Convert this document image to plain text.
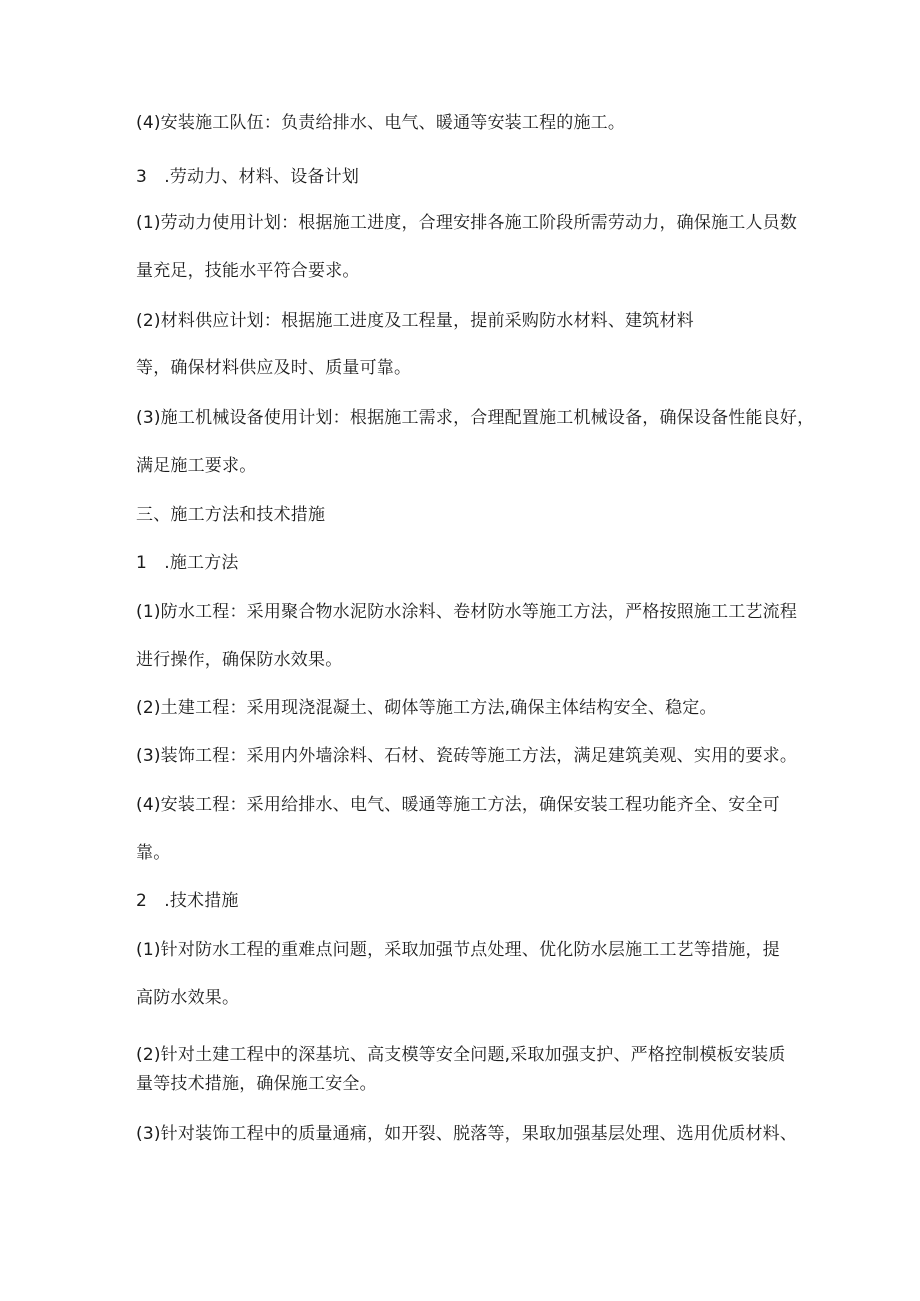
(4)安装施工队伍：负责给排水、电气、暖通等安装工程的施工。
3　.劳动力、材料、设备计划
(1)劳动力使用计划：根据施工进度，合理安排各施工阶段所需劳动力，确保施工人员数
量充足，技能水平符合要求。
(2)材料供应计划：根据施工进度及工程量，提前采购防水材料、建筑材料
等，确保材料供应及时、质量可靠。
(3)施工机械设备使用计划：根据施工需求，合理配置施工机械设备，确保设备性能良好，
满足施工要求。
三、施工方法和技术措施
1　.施工方法
(1)防水工程：采用聚合物水泥防水涂料、卷材防水等施工方法，严格按照施工工艺流程
进行操作，确保防水效果。
(2)土建工程：采用现浇混凝土、砌体等施工方法,确保主体结构安全、稳定。
(3)装饰工程：采用内外墙涂料、石材、瓷砖等施工方法，满足建筑美观、实用的要求。
(4)安装工程：采用给排水、电气、暖通等施工方法，确保安装工程功能齐全、安全可
靠。
2　.技术措施
(1)针对防水工程的重难点问题，采取加强节点处理、优化防水层施工工艺等措施，提
高防水效果。
(2)针对土建工程中的深基坑、高支模等安全问题,采取加强支护、严格控制模板安装质
量等技术措施，确保施工安全。
(3)针对装饰工程中的质量通痛，如开裂、脱落等，果取加强基层处理、选用优质材料、
